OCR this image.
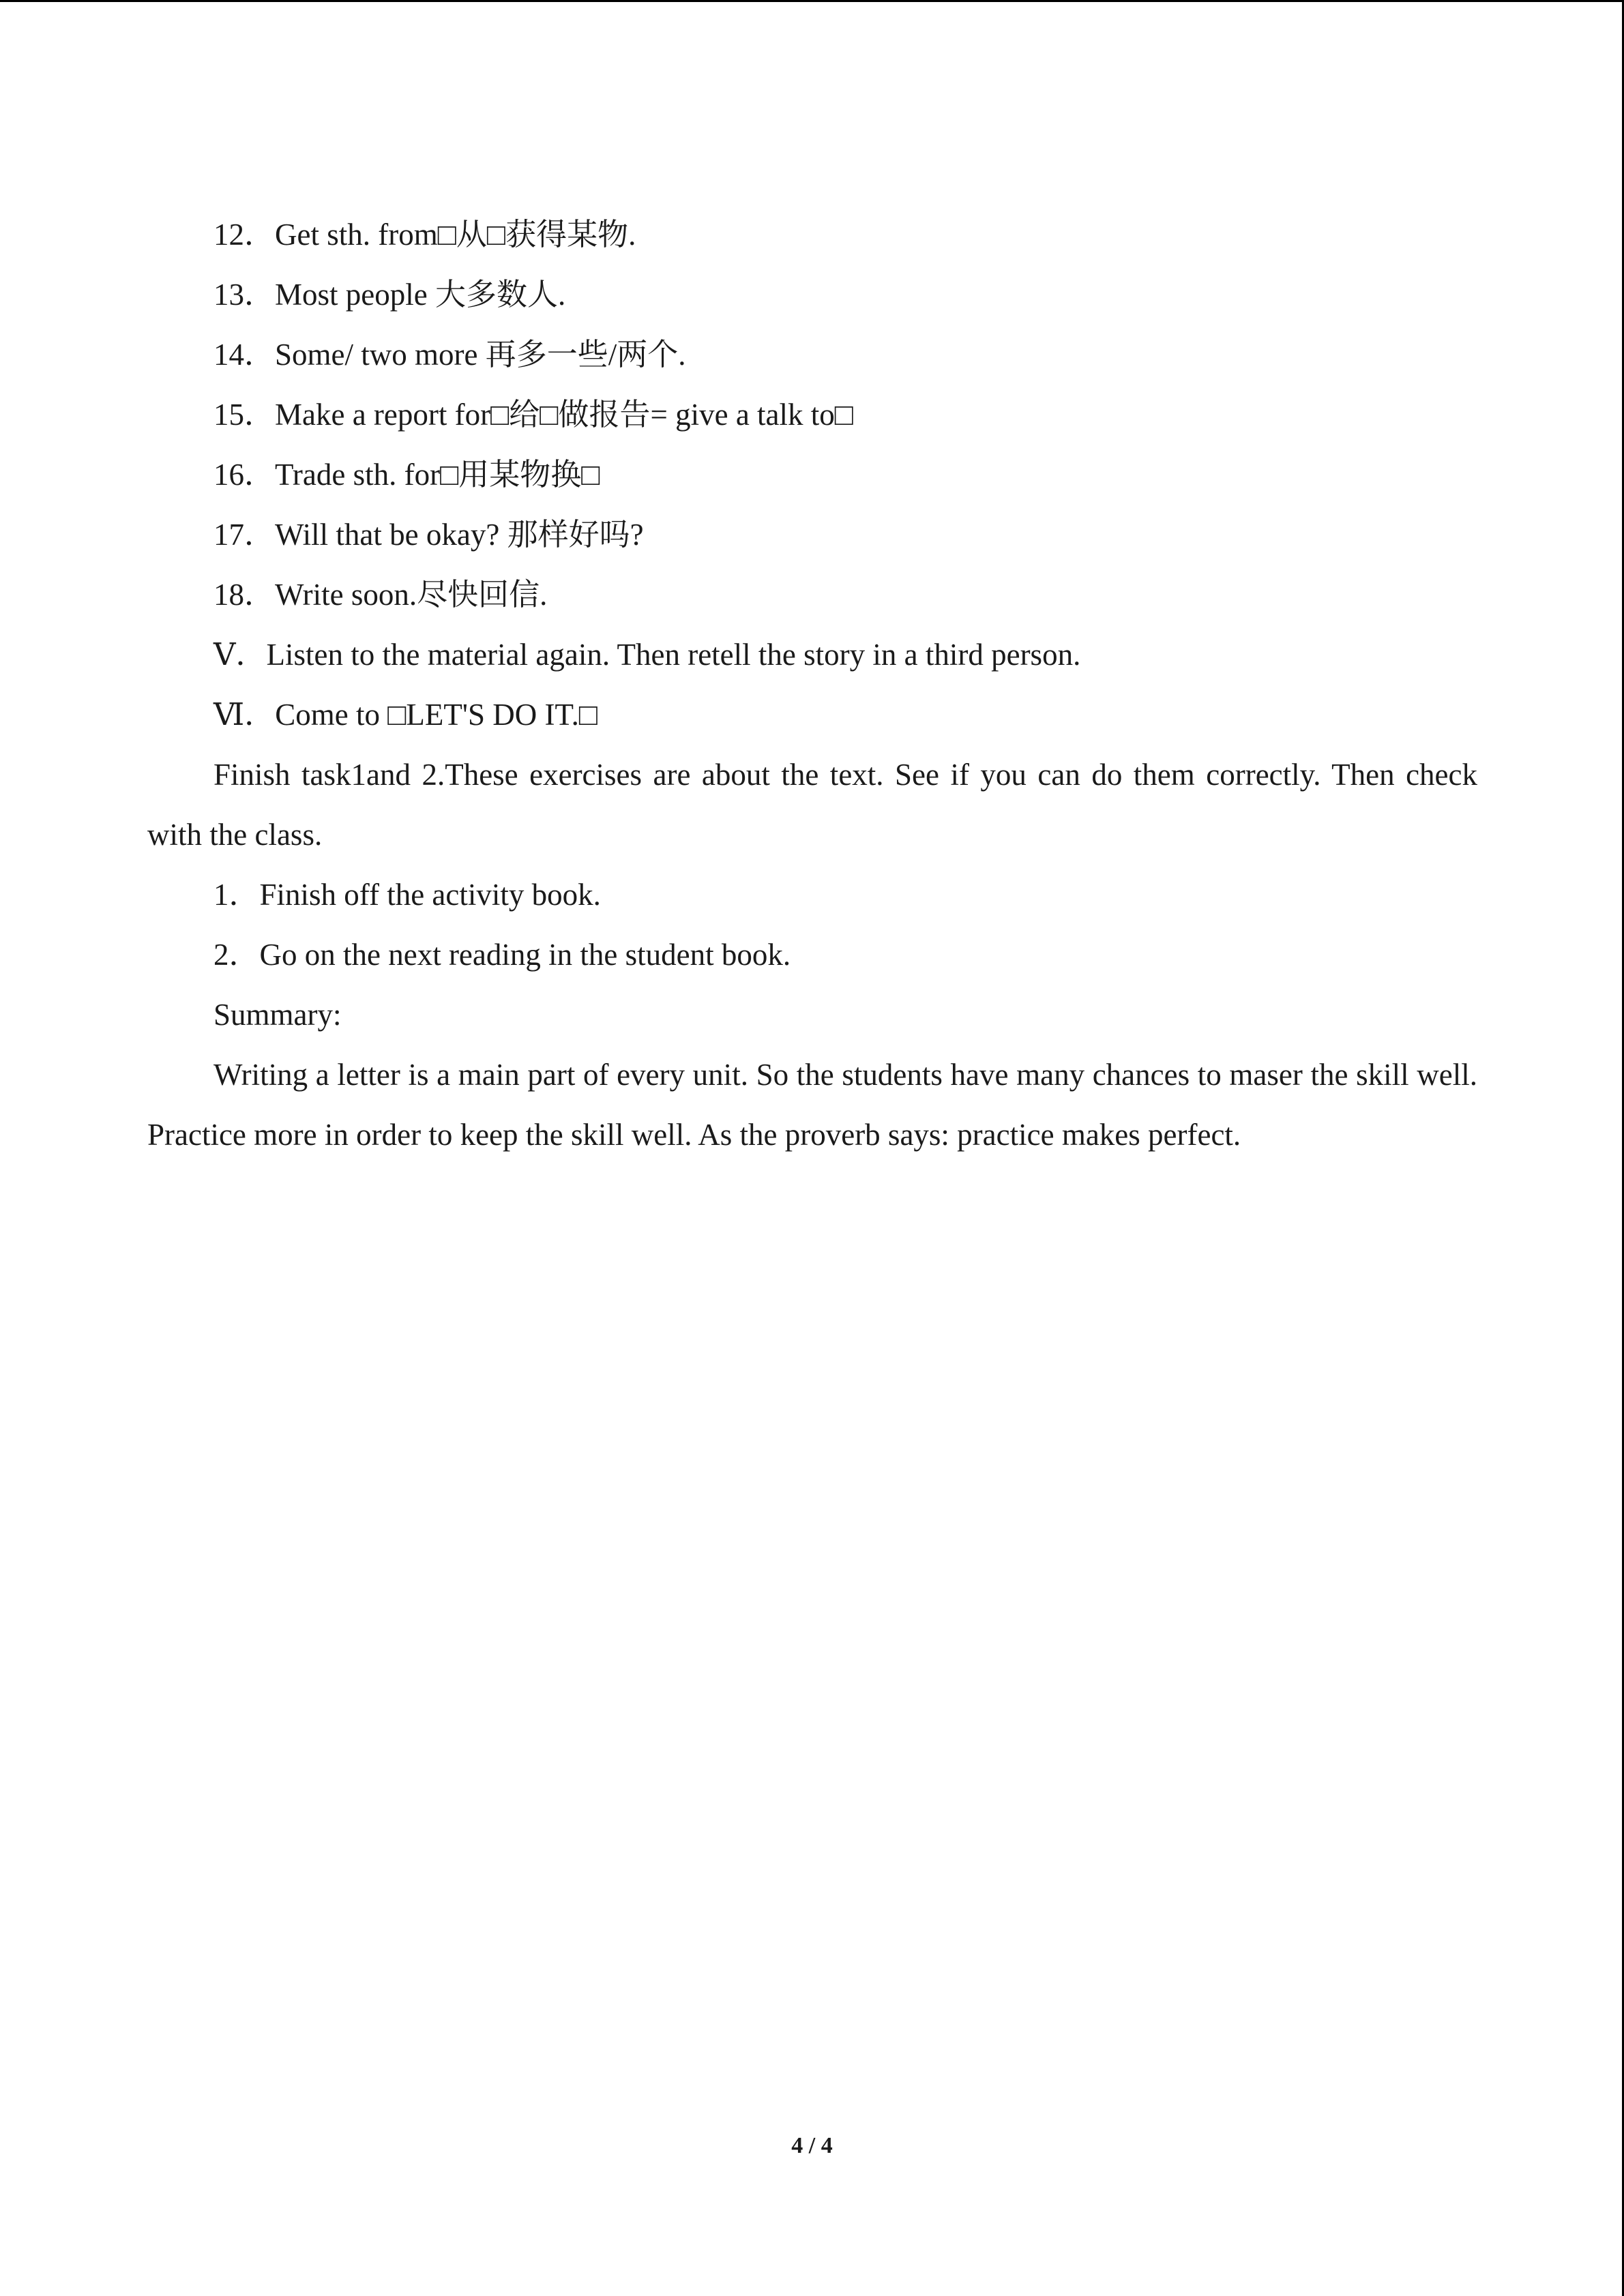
12．Get sth. from□从□获得某物.
13．Most people 大多数人.
14．Some/ two more 再多一些/两个.
15．Make a report for□给□做报告= give a talk to□
16．Trade sth. for□用某物换□
17．Will that be okay? 那样好吗?
18．Write soon.尽快回信.
Ⅴ．Listen to the material again. Then retell the story in a third person.
Ⅵ．Come to □LET'S DO IT.□
Finish task1and 2.These exercises are about the text. See if you can do them correctly. Then check with the class.
1．Finish off the activity book.
2．Go on the next reading in the student book.
Summary:
Writing a letter is a main part of every unit. So the students have many chances to maser the skill well. Practice more in order to keep the skill well. As the proverb says: practice makes perfect.
4 / 4
